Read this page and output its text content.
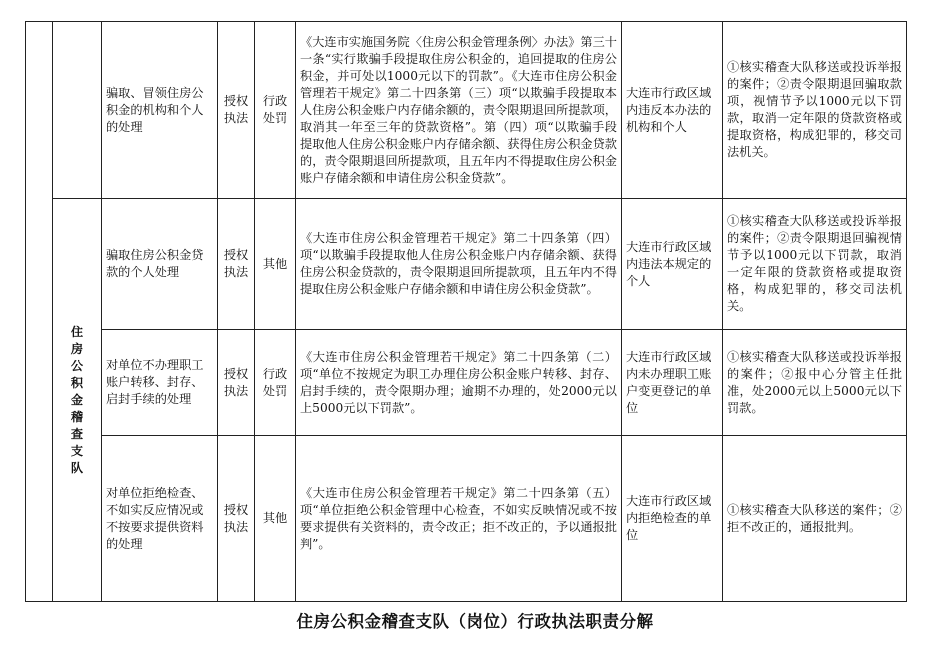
		骗取、冒领住房公积金的机构和个人的处理	授权执法	行政处罚	《大连市实施国务院〈住房公积金管理条例〉办法》第三十一条“实行欺骗手段提取住房公积金的，追回提取的住房公积金，并可处以1000元以下的罚款”。《大连市住房公积金管理若干规定》第二十四条第（三）项“以欺骗手段提取本人住房公积金账户内存储余额的，责令限期退回所提款项，取消其一年至三年的贷款资格”。第（四）项“以欺骗手段提取他人住房公积金账户内存储余额、获得住房公积金贷款的，责令限期退回所提款项，且五年内不得提取住房公积金账户存储余额和申请住房公积金贷款”。	大连市行政区域内违反本办法的机构和个人	①核实稽查大队移送或投诉举报的案件；②责令限期退回骗取款项，视情节予以1000元以下罚款，取消一定年限的贷款资格或提取资格，构成犯罪的，移交司法机关。
	住房公积金稽查支队	骗取住房公积金贷款的个人处理	授权执法	其他	《大连市住房公积金管理若干规定》第二十四条第（四）项“以欺骗手段提取他人住房公积金账户内存储余额、获得住房公积金贷款的，责令限期退回所提款项，且五年内不得提取住房公积金账户存储余额和申请住房公积金贷款”。	大连市行政区域内违法本规定的个人	①核实稽查大队移送或投诉举报的案件；②责令限期退回骗视情节予以1000元以下罚款，取消一定年限的贷款资格或提取资格，构成犯罪的，移交司法机关。
		对单位不办理职工账户转移、封存、启封手续的处理	授权执法	行政处罚	《大连市住房公积金管理若干规定》第二十四条第（二）项“单位不按规定为职工办理住房公积金账户转移、封存、启封手续的，责令限期办理；逾期不办理的，处2000元以上5000元以下罚款”。	大连市行政区域内未办理职工账户变更登记的单位	①核实稽查大队移送或投诉举报的案件；②报中心分管主任批准，处2000元以上5000元以下罚款。
		对单位拒绝检查、不如实反应情况或不按要求提供资料的处理	授权执法	其他	《大连市住房公积金管理若干规定》第二十四条第（五）项“单位拒绝公积金管理中心检查，不如实反映情况或不按要求提供有关资料的，责令改正；拒不改正的，予以通报批判”。	大连市行政区域内拒绝检查的单位	①核实稽查大队移送的案件；②拒不改正的，通报批判。
住房公积金稽查支队（岗位）行政执法职责分解
